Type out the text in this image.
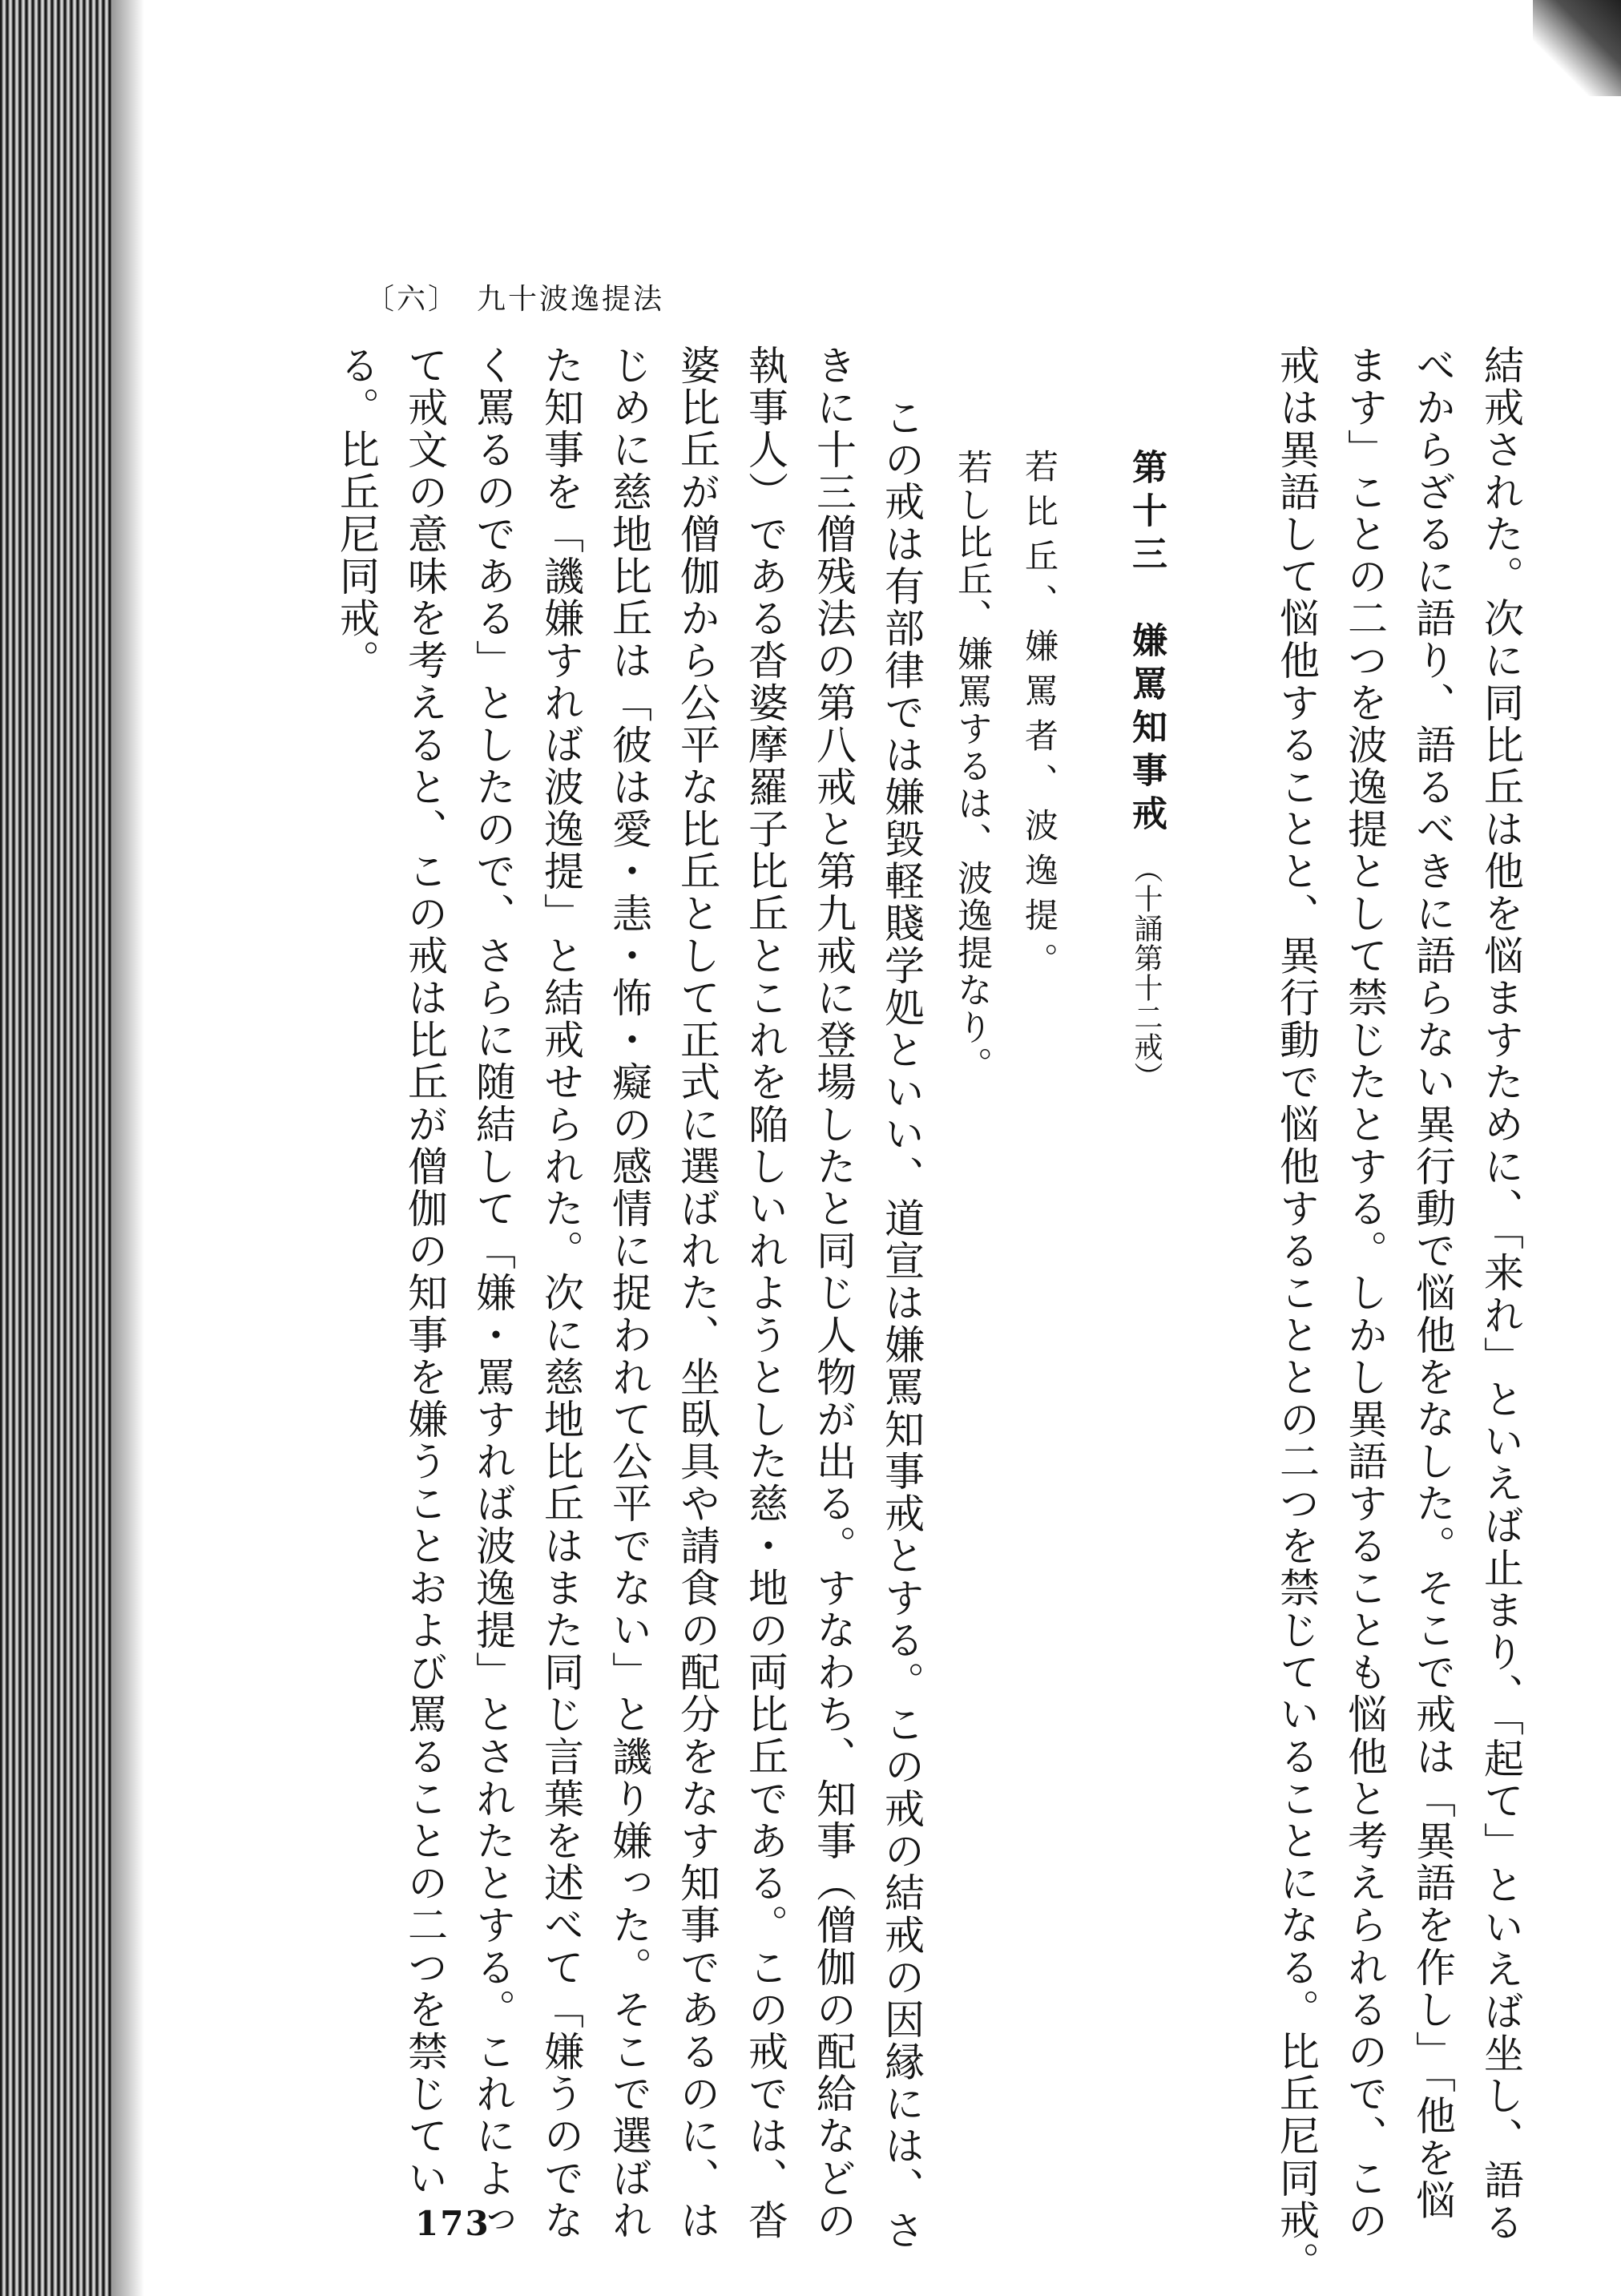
〔六〕 九十波逸提法
結戒された。次に同比丘は他を悩ますために、「来れ」といえば止まり、「起て」といえば坐し、語る
べからざるに語り、語るべきに語らない異行動で悩他をなした。そこで戒は「異語を作し」「他を悩
ます」ことの二つを波逸提として禁じたとする。しかし異語することも悩他と考えられるので、この
戒は異語して悩他することと、異行動で悩他することとの二つを禁じていることになる。比丘尼同戒。
第十三　嫌罵知事戒（十誦第十二戒）
若比丘、嫌罵者、波逸提。
若し比丘、嫌罵するは、波逸提なり。
この戒は有部律では嫌毀軽賤学処といい、道宣は嫌罵知事戒とする。この戒の結戒の因縁には、さ
きに十三僧残法の第八戒と第九戒に登場したと同じ人物が出る。すなわち、知事（僧伽の配給などの
執事人）である沓婆摩羅子比丘とこれを陥しいれようとした慈・地の両比丘である。この戒では、沓
婆比丘が僧伽から公平な比丘として正式に選ばれた、坐臥具や請食の配分をなす知事であるのに、は
じめに慈地比丘は「彼は愛・恚・怖・癡の感情に捉われて公平でない」と譏り嫌った。そこで選ばれ
た知事を「譏嫌すれば波逸提」と結戒せられた。次に慈地比丘はまた同じ言葉を述べて「嫌うのでな
く罵るのである」としたので、さらに随結して「嫌・罵すれば波逸提」とされたとする。これによっ
て戒文の意味を考えると、この戒は比丘が僧伽の知事を嫌うことおよび罵ることの二つを禁じてい
る。比丘尼同戒。
173
